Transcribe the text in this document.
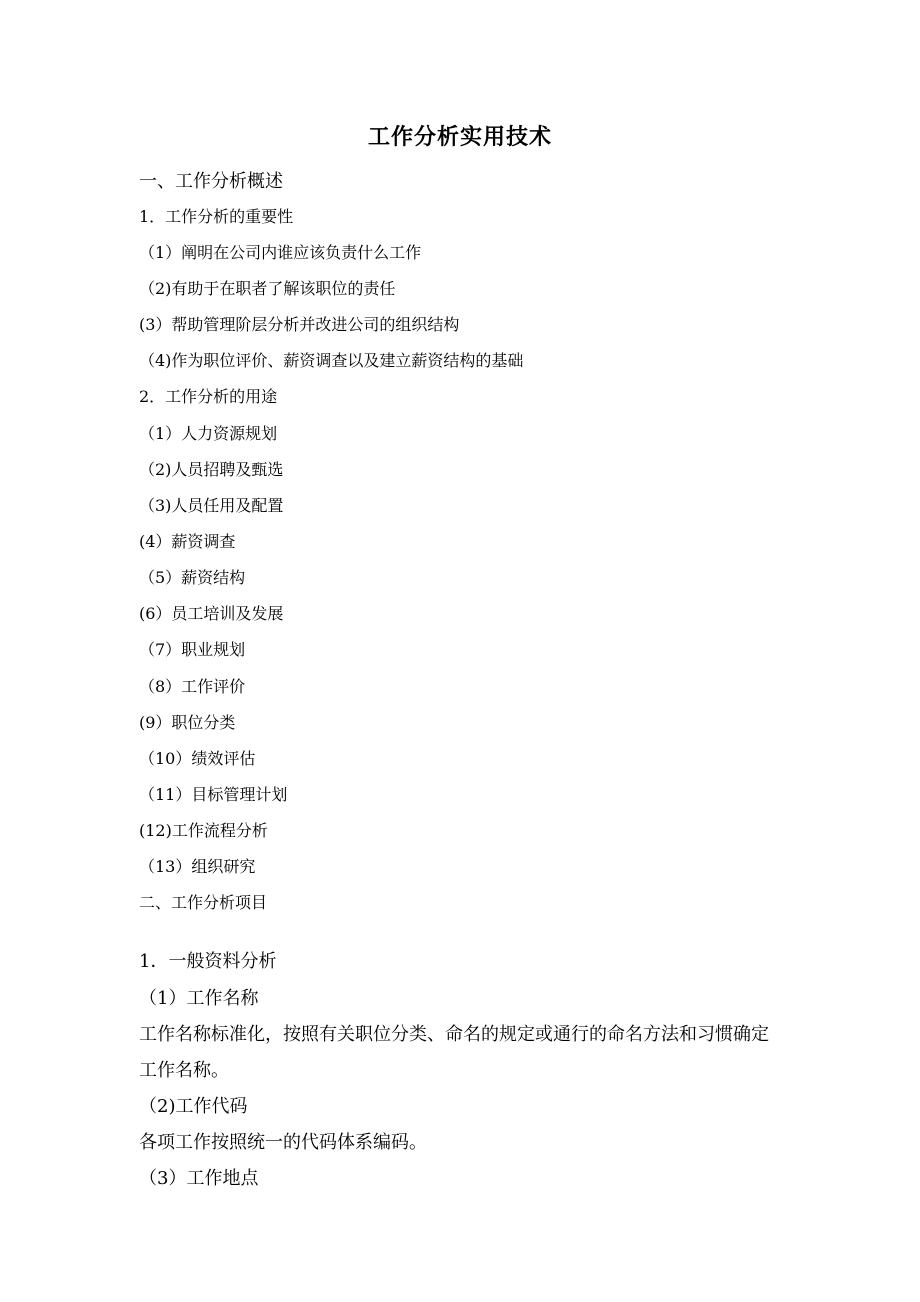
工作分析实用技术
一、工作分析概述
1．工作分析的重要性
（1）阐明在公司内谁应该负责什么工作
（2)有助于在职者了解该职位的责任
(3）帮助管理阶层分析并改进公司的组织结构
（4)作为职位评价、薪资调查以及建立薪资结构的基础
2．工作分析的用途
（1）人力资源规划
（2)人员招聘及甄选
（3)人员任用及配置
(4）薪资调查
（5）薪资结构
(6）员工培训及发展
（7）职业规划
（8）工作评价
(9）职位分类
（10）绩效评估
（11）目标管理计划
(12)工作流程分析
（13）组织研究
二、工作分析项目
1．一般资料分析
（1）工作名称
工作名称标准化，按照有关职位分类、命名的规定或通行的命名方法和习惯确定
工作名称。
（2)工作代码
各项工作按照统一的代码体系编码。
（3）工作地点
